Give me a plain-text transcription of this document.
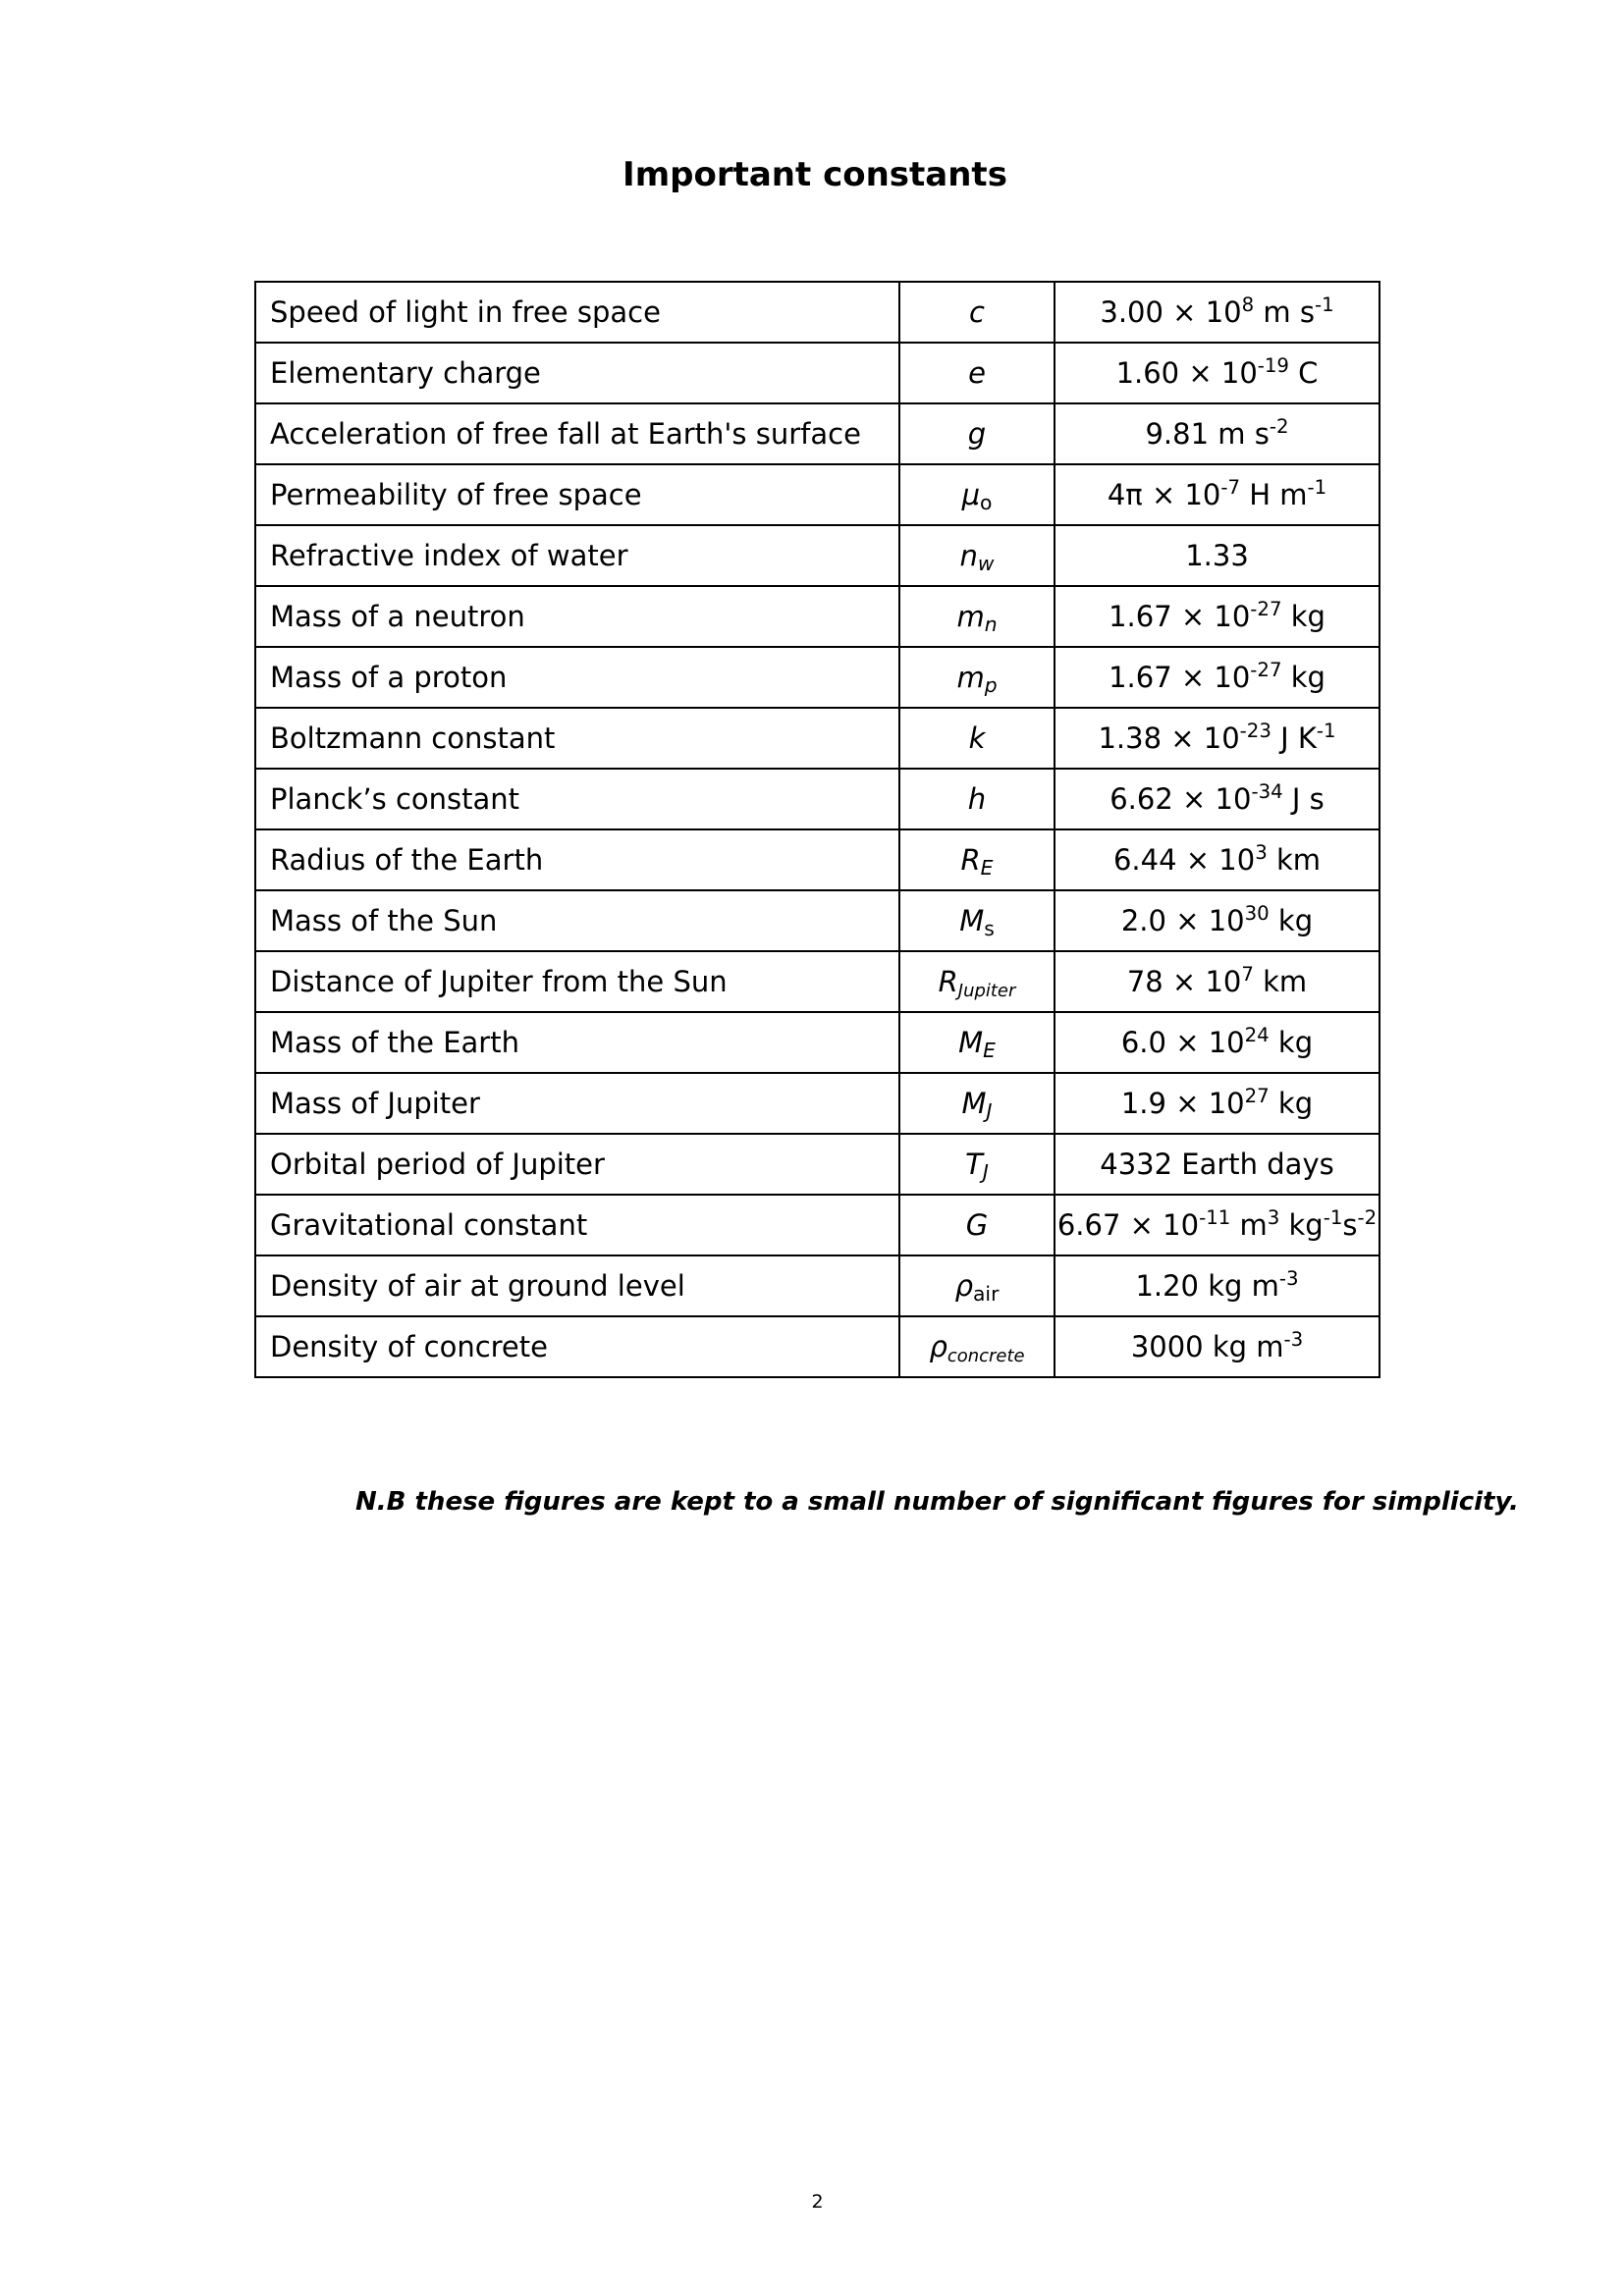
Important constants
Speed of light in free space	c	$3.00 \times 10^8$ m $s^{-1}$
Elementary charge	e	$1.60 \times 10^{-19}$ C
Acceleration of free fall at Earth's surface	g	9.81 m $s^{-2}$
Permeability of free space	μo	$4\pi \times 10^{-7}$ H $m^{-1}$
Refractive index of water	nw	1.33
Mass of a neutron	mn	$1.67 \times 10^{-27}$ kg
Mass of a proton	mp	$1.67 \times 10^{-27}$ kg
Boltzmann constant	k	$1.38 \times 10^{-23}$ J $K^{-1}$
Planck’s constant	h	$6.62 \times 10^{-34}$ J s
Radius of the Earth	RE	$6.44 \times 10^3$ km
Mass of the Sun	Ms	$2.0 \times 10^{30}$ kg
Distance of Jupiter from the Sun	RJupiter	$78 \times 10^7$ km
Mass of the Earth	ME	$6.0 \times 10^{24}$ kg
Mass of Jupiter	MJ	$1.9 \times 10^{27}$ kg
Orbital period of Jupiter	TJ	4332 Earth days
Gravitational constant	G	$6.67 \times 10^{-11}$ $m^3$ $kg^{-1}s^{-2}$
Density of air at ground level	ρair	1.20 kg $m^{-3}$
Density of concrete	ρconcrete	3000 kg $m^{-3}$
N.B these figures are kept to a small number of significant figures for simplicity.
2
